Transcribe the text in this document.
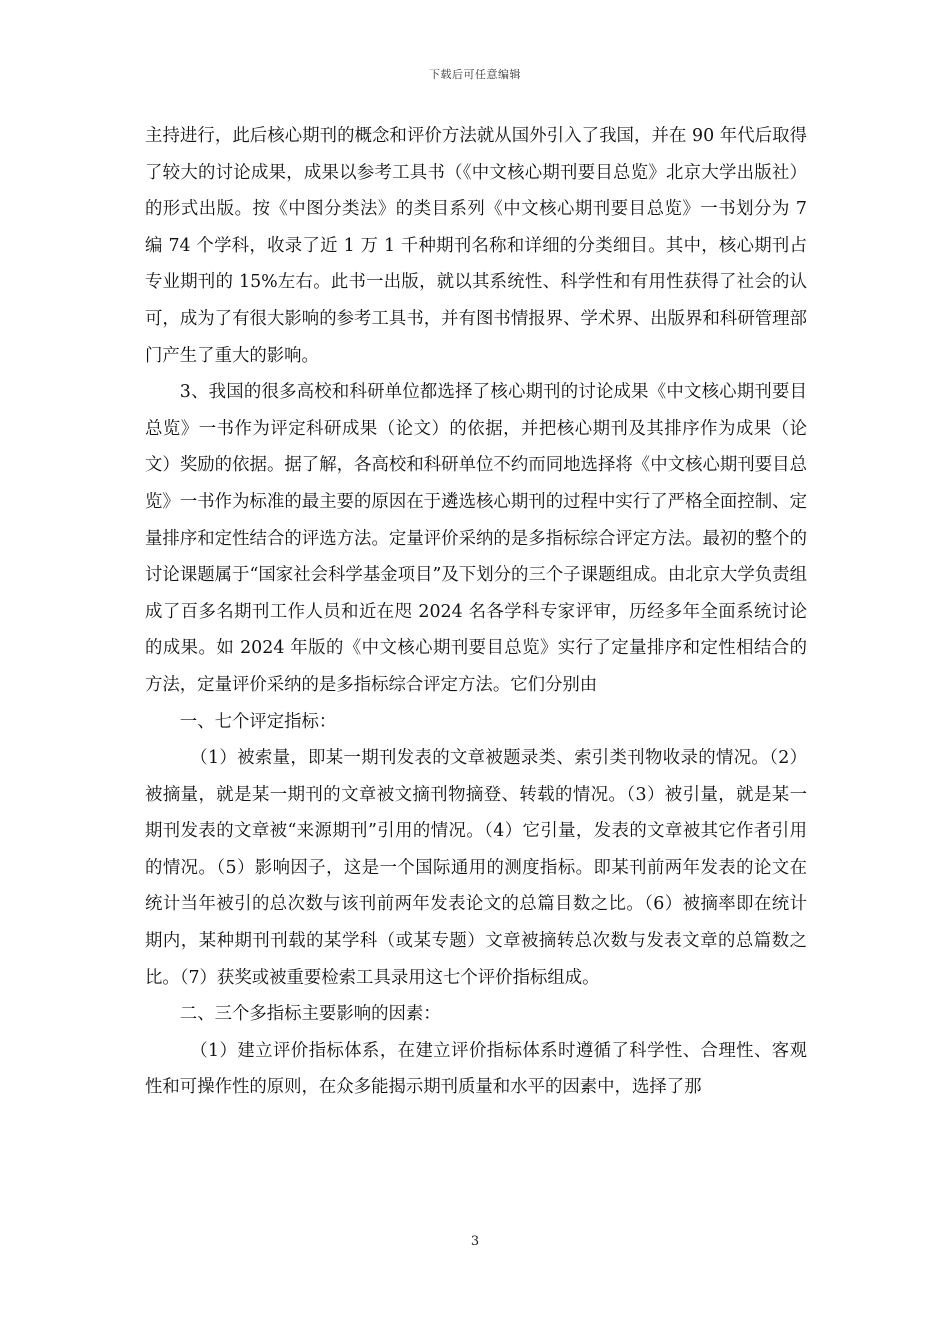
下载后可任意编辑

主持进行，此后核心期刊的概念和评价方法就从国外引入了我国，并在 90 年代后取得了较大的讨论成果，成果以参考工具书（《中文核心期刊要目总览》北京大学出版社）的形式出版。按《中图分类法》的类目系列《中文核心期刊要目总览》一书划分为 7 编 74 个学科，收录了近 1 万 1 千种期刊名称和详细的分类细目。其中，核心期刊占专业期刊的 15%左右。此书一出版，就以其系统性、科学性和有用性获得了社会的认可，成为了有很大影响的参考工具书，并有图书情报界、学术界、出版界和科研管理部门产生了重大的影响。

3、我国的很多高校和科研单位都选择了核心期刊的讨论成果《中文核心期刊要目总览》一书作为评定科研成果（论文）的依据，并把核心期刊及其排序作为成果（论文）奖励的依据。据了解，各高校和科研单位不约而同地选择将《中文核心期刊要目总览》一书作为标准的最主要的原因在于遴选核心期刊的过程中实行了严格全面控制、定量排序和定性结合的评选方法。定量评价采纳的是多指标综合评定方法。最初的整个的讨论课题属于“国家社会科学基金项目”及下划分的三个子课题组成。由北京大学负责组成了百多名期刊工作人员和近在咫 2024 名各学科专家评审，历经多年全面系统讨论的成果。如 2024 年版的《中文核心期刊要目总览》实行了定量排序和定性相结合的方法，定量评价采纳的是多指标综合评定方法。它们分别由

一、七个评定指标：

（1）被索量，即某一期刊发表的文章被题录类、索引类刊物收录的情况。（2）被摘量，就是某一期刊的文章被文摘刊物摘登、转载的情况。（3）被引量，就是某一期刊发表的文章被“来源期刊”引用的情况。（4）它引量，发表的文章被其它作者引用的情况。（5）影响因子，这是一个国际通用的测度指标。即某刊前两年发表的论文在统计当年被引的总次数与该刊前两年发表论文的总篇目数之比。（6）被摘率即在统计期内，某种期刊刊载的某学科（或某专题）文章被摘转总次数与发表文章的总篇数之比。（7）获奖或被重要检索工具录用这七个评价指标组成。

二、三个多指标主要影响的因素：

（1）建立评价指标体系，在建立评价指标体系时遵循了科学性、合理性、客观性和可操作性的原则，在众多能揭示期刊质量和水平的因素中，选择了那

3
